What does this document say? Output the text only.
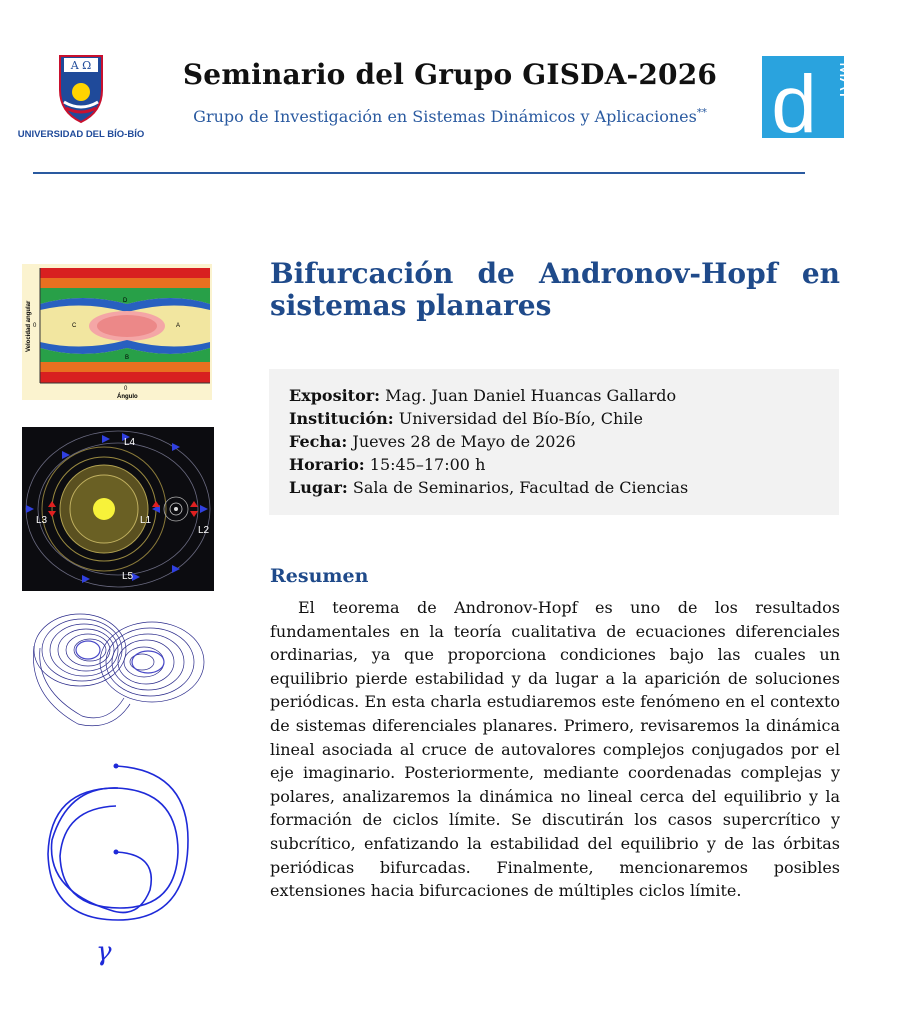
A Ω
UNIVERSIDAD DEL BÍO-BÍO
Seminario del Grupo GISDA-2026
Grupo de Investigación en Sistemas Dinámicos y Aplicaciones** d MAT
D
C	A
B
0
0
Ángulo
Velocidad angular
L4
L3	L1
L2
L5
γ
Bifurcación de Andronov-Hopf en sistemas planares
Expositor: Mag. Juan Daniel Huancas Gallardo
Institución: Universidad del Bío-Bío, Chile
Fecha: Jueves 28 de Mayo de 2026
Horario: 15:45–17:00 h
Lugar: Sala de Seminarios, Facultad de Ciencias
Resumen
El teorema de Andronov-Hopf es uno de los resultados fundamentales en la teoría cualitativa de ecuaciones diferenciales ordinarias, ya que proporciona condiciones bajo las cuales un equilibrio pierde estabilidad y da lugar a la aparición de soluciones periódicas. En esta charla estudiaremos este fenómeno en el contexto de sistemas diferenciales planares. Primero, revisaremos la dinámica lineal asociada al cruce de autovalores complejos conjugados por el eje imaginario. Posteriormente, mediante coordenadas complejas y polares, analizaremos la dinámica no lineal cerca del equilibrio y la formación de ciclos límite. Se discutirán los casos supercrítico y subcrítico, enfatizando la estabilidad del equilibrio y de las órbitas periódicas bifurcadas. Finalmente, mencionaremos posibles extensiones hacia bifurcaciones de múltiples ciclos límite.
